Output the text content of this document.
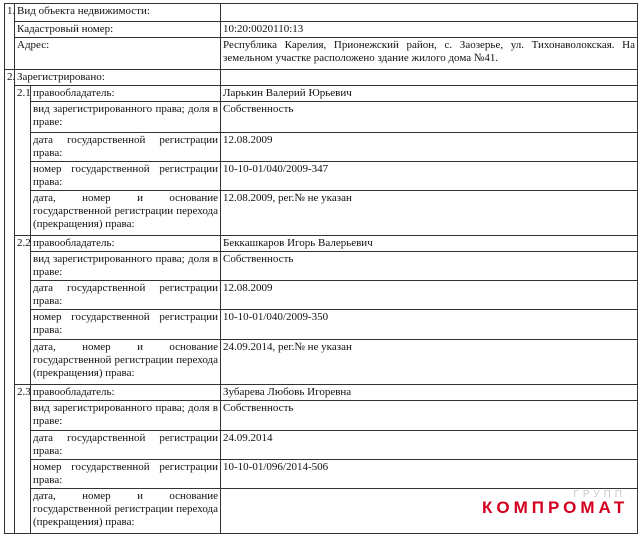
1.	Вид объекта недвижимости:		
	Кадастровый номер:		10:20:0020110:13
	Адрес:		Республика Карелия, Прионежский район, с. Заозерье, ул. Тихонаволокская. На земельном участке расположено здание жилого дома №41.
2.	Зарегистрировано:		
	2.1	правообладатель:	Ларькин Валерий Юрьевич
		вид зарегистрированного права; доля в праве:	Собственность
		дата государственной регистрации права:	12.08.2009
		номер государственной регистрации права:	10-10-01/040/2009-347
		дата, номер и основание государственной регистрации перехода (прекращения) права:	12.08.2009, рег.№ не указан
	2.2	правообладатель:	Беккашкаров Игорь Валерьевич
		вид зарегистрированного права; доля в праве:	Собственность
		дата государственной регистрации права:	12.08.2009
		номер государственной регистрации права:	10-10-01/040/2009-350
		дата, номер и основание государственной регистрации перехода (прекращения) права:	24.09.2014, рег.№ не указан
	2.3	правообладатель:	Зубарева Любовь Игоревна
		вид зарегистрированного права; доля в праве:	Собственность
		дата государственной регистрации права:	24.09.2014
		номер государственной регистрации права:	10-10-01/096/2014-506
		дата, номер и основание государственной регистрации перехода (прекращения) права:	
ГРУПП
КОМПРОМАТ
